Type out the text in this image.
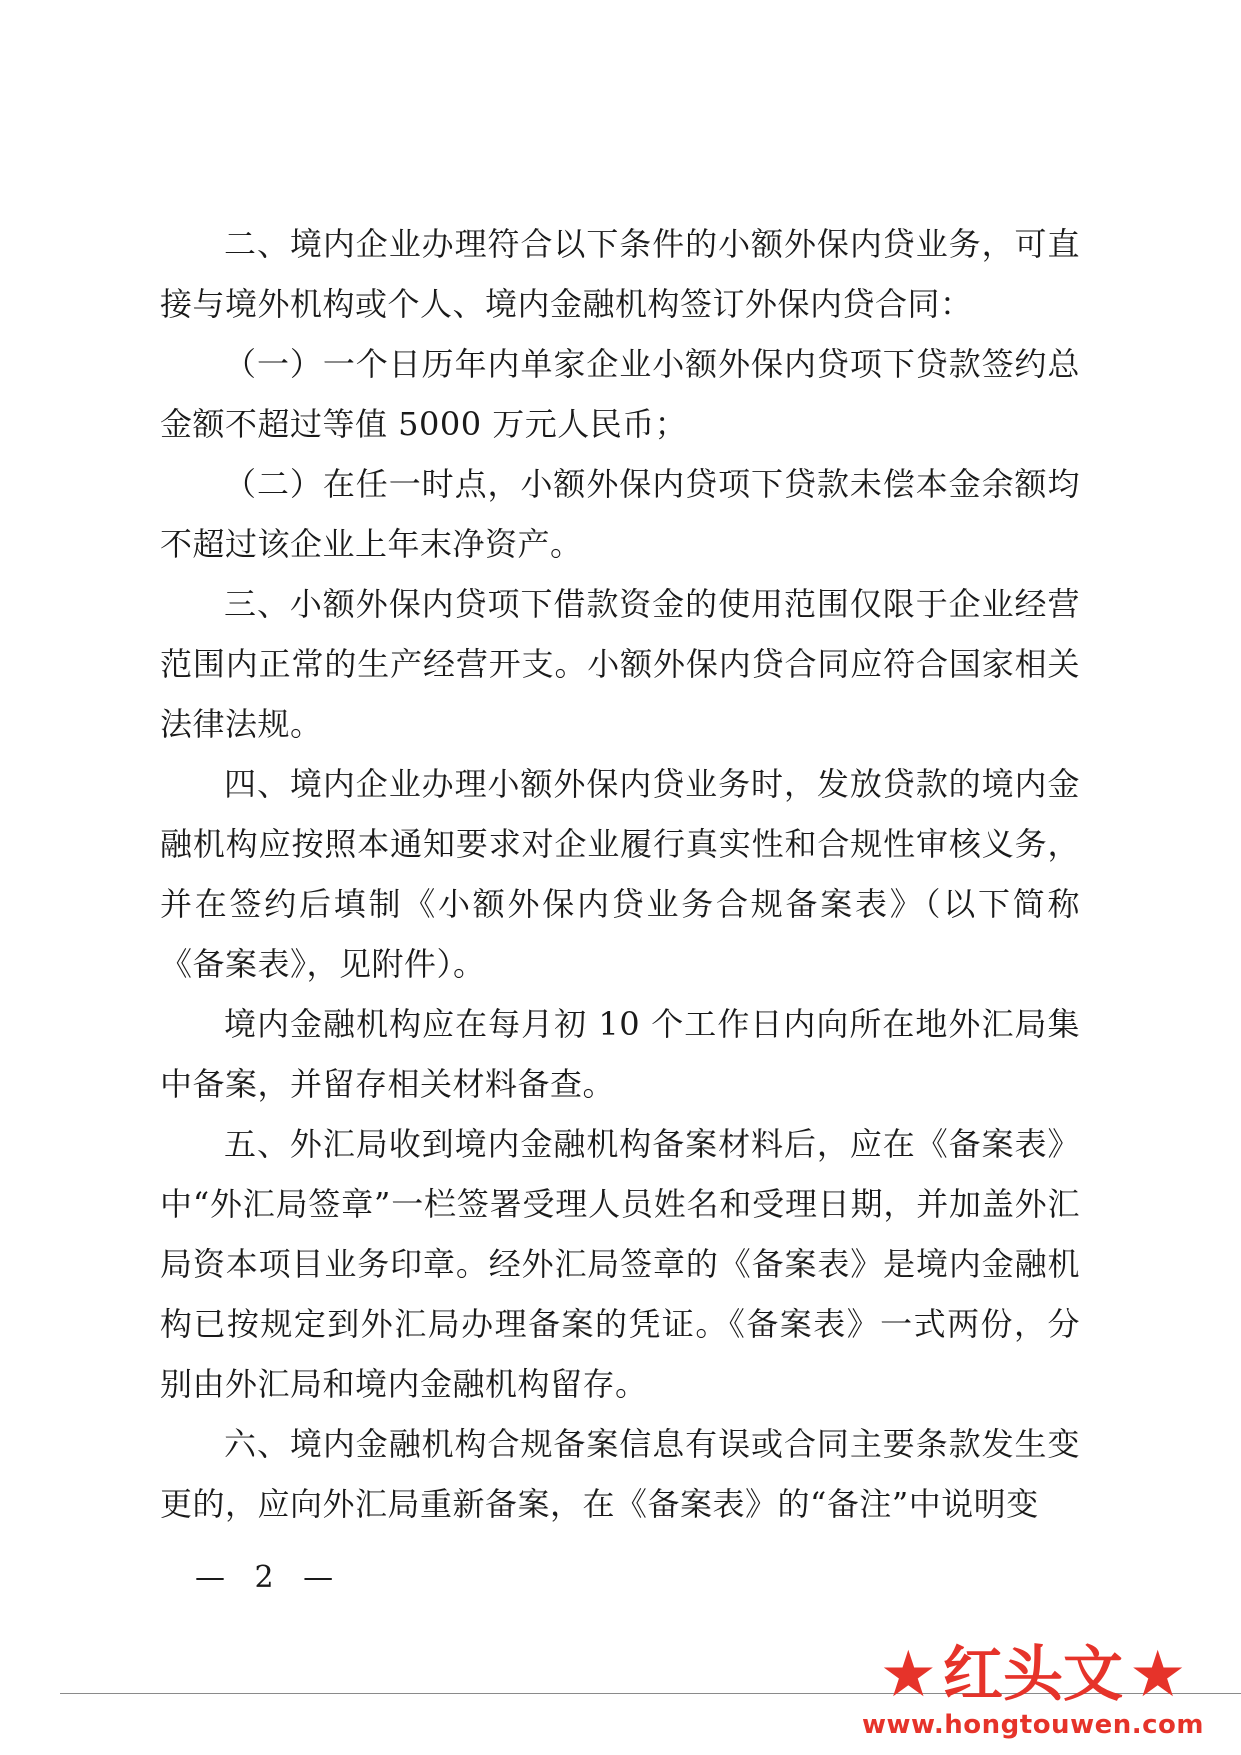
二、境内企业办理符合以下条件的小额外保内贷业务，可直接与境外机构或个人、境内金融机构签订外保内贷合同：

（一）一个日历年内单家企业小额外保内贷项下贷款签约总金额不超过等值 5000 万元人民币；

（二）在任一时点，小额外保内贷项下贷款未偿本金余额均不超过该企业上年末净资产。

三、小额外保内贷项下借款资金的使用范围仅限于企业经营范围内正常的生产经营开支。小额外保内贷合同应符合国家相关法律法规。

四、境内企业办理小额外保内贷业务时，发放贷款的境内金融机构应按照本通知要求对企业履行真实性和合规性审核义务，并在签约后填制《小额外保内贷业务合规备案表》（以下简称《备案表》，见附件）。

境内金融机构应在每月初 10 个工作日内向所在地外汇局集中备案，并留存相关材料备查。

五、外汇局收到境内金融机构备案材料后，应在《备案表》中“外汇局签章”一栏签署受理人员姓名和受理日期，并加盖外汇局资本项目业务印章。经外汇局签章的《备案表》是境内金融机构已按规定到外汇局办理备案的凭证。《备案表》一式两份，分别由外汇局和境内金融机构留存。

六、境内金融机构合规备案信息有误或合同主要条款发生变更的，应向外汇局重新备案，在《备案表》的“备注”中说明变

— 2 —
★ 红头文 ★
www.hongtouwen.com
